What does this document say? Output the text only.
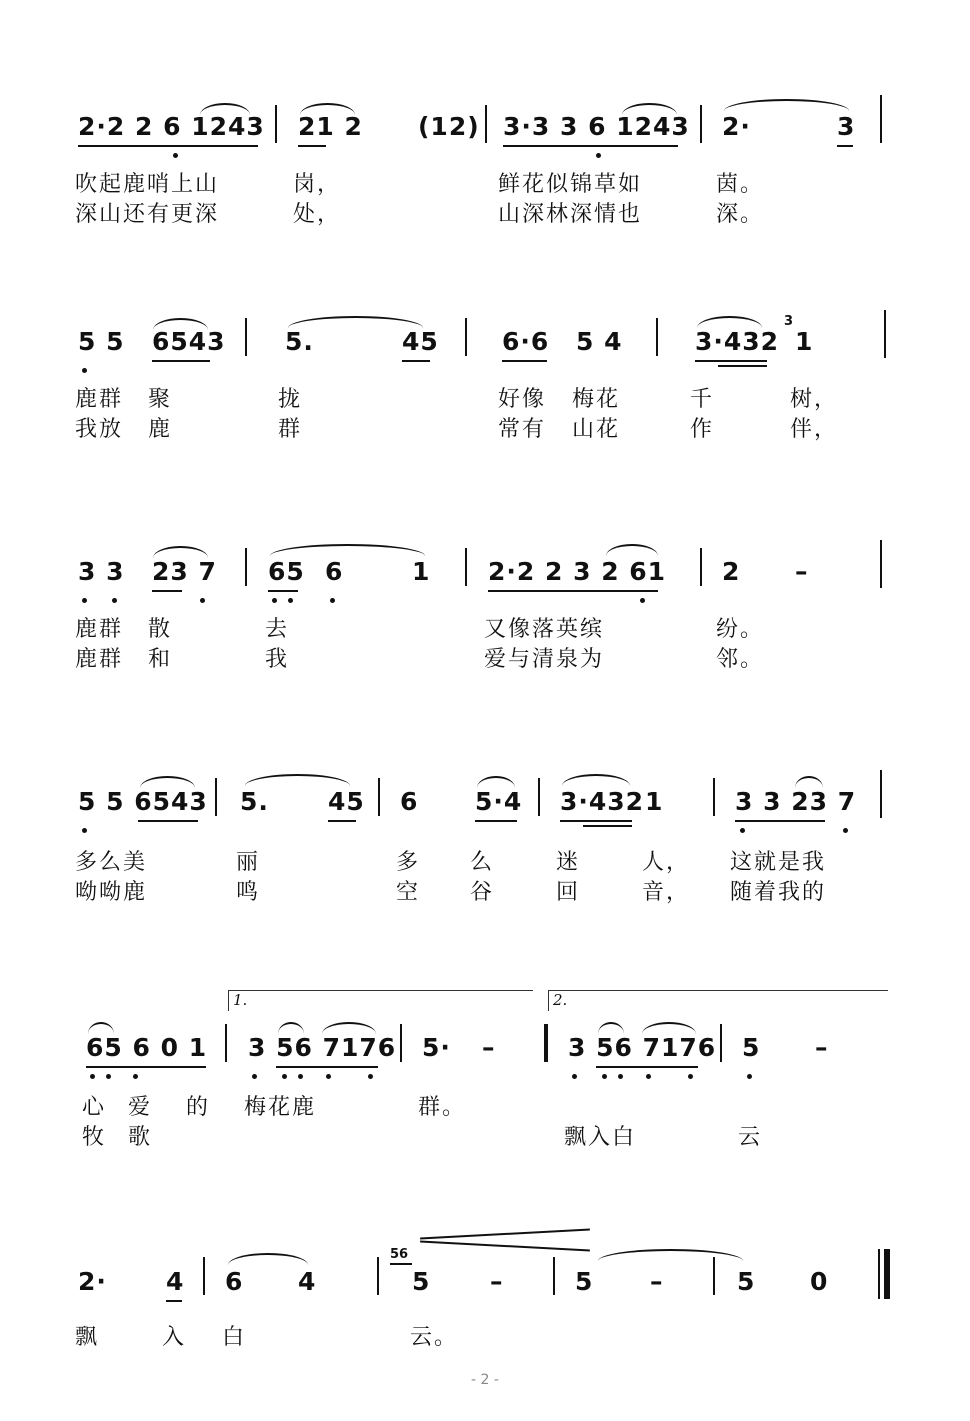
2·2 2 6 1243 21 2 (12) 3·3 3 6 1243 2·	3
吹起鹿哨上山	岗，	鲜花似锦草如	茵。
深山还有更深	处，	山深林深情也	深。
5 5 6543 5.	45	6·6 5 4	3·432
3
1
鹿群 聚	拢	好像 梅花	千	树，
我放 鹿	群	常有 山花	作	伴，
3 3 23 7 65 6	1 2·2 2 3 2 61 2 –
鹿群 散	去	又像落英缤	纷。
鹿群 和	我	爱与清泉为	邻。
5 5 6543 5. 45 6 5·4 3·432 1	3 3 23 7
多么美	丽	多 么	迷	人， 这就是我
呦呦鹿	鸣	空 谷	回	音， 随着我的
1.	2.
65 6 0 1 3 56 7176 5· –	3 56 7176 5 –
心 爱 的 梅花鹿	群。
牧 歌	飘入白	云
2· 4 6 4
56
5 –	5 –	5 0
飘	入 白	云。
- 2 -
